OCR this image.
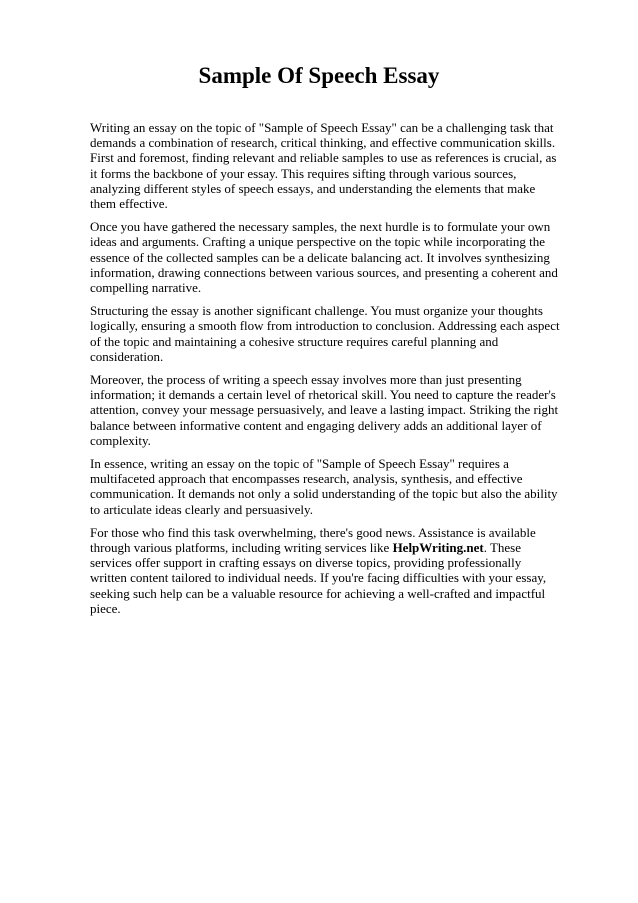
Sample Of Speech Essay

Writing an essay on the topic of "Sample of Speech Essay" can be a challenging task that demands a combination of research, critical thinking, and effective communication skills. First and foremost, finding relevant and reliable samples to use as references is crucial, as it forms the backbone of your essay. This requires sifting through various sources, analyzing different styles of speech essays, and understanding the elements that make them effective.

Once you have gathered the necessary samples, the next hurdle is to formulate your own ideas and arguments. Crafting a unique perspective on the topic while incorporating the essence of the collected samples can be a delicate balancing act. It involves synthesizing information, drawing connections between various sources, and presenting a coherent and compelling narrative.

Structuring the essay is another significant challenge. You must organize your thoughts logically, ensuring a smooth flow from introduction to conclusion. Addressing each aspect of the topic and maintaining a cohesive structure requires careful planning and consideration.

Moreover, the process of writing a speech essay involves more than just presenting information; it demands a certain level of rhetorical skill. You need to capture the reader's attention, convey your message persuasively, and leave a lasting impact. Striking the right balance between informative content and engaging delivery adds an additional layer of complexity.

In essence, writing an essay on the topic of "Sample of Speech Essay" requires a multifaceted approach that encompasses research, analysis, synthesis, and effective communication. It demands not only a solid understanding of the topic but also the ability to articulate ideas clearly and persuasively.

For those who find this task overwhelming, there's good news. Assistance is available through various platforms, including writing services like HelpWriting.net. These services offer support in crafting essays on diverse topics, providing professionally written content tailored to individual needs. If you're facing difficulties with your essay, seeking such help can be a valuable resource for achieving a well-crafted and impactful piece.
